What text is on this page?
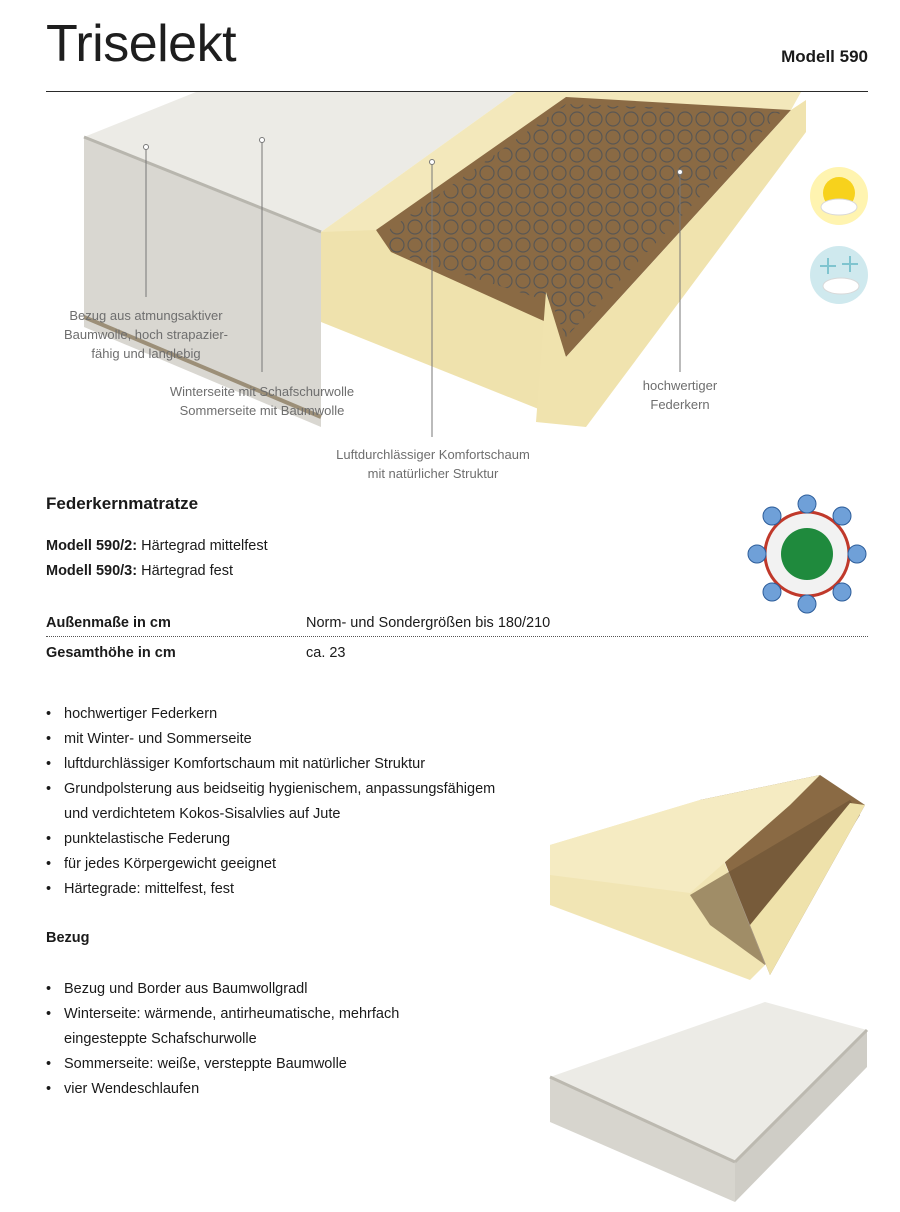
Triselekt	Modell 590
Bezug aus atmungsaktiver
Baumwolle, hoch strapazier-
fähig und langlebig
Winterseite mit Schafschurwolle
Sommerseite mit Baumwolle
Luftdurchlässiger Komfortschaum
mit natürlicher Struktur
hochwertiger
Federkern
Federkernmatratze
Modell 590/2: Härtegrad mittelfest
Modell 590/3: Härtegrad fest
Außenmaße in cm	Norm- und Sondergrößen bis 180/210
Gesamthöhe in cm	ca. 23
• hochwertiger Federkern
• mit Winter- und Sommerseite
• luftdurchlässiger Komfortschaum mit natürlicher Struktur
• Grundpolsterung aus beidseitig hygienischem, anpassungsfähigem
und verdichtetem Kokos-Sisalvlies auf Jute
• punktelastische Federung
• für jedes Körpergewicht geeignet
• Härtegrade: mittelfest, fest
Bezug
• Bezug und Border aus Baumwollgradl
• Winterseite: wärmende, antirheumatische, mehrfach
eingesteppte Schafschurwolle
• Sommerseite: weiße, versteppte Baumwolle
• vier Wendeschlaufen
